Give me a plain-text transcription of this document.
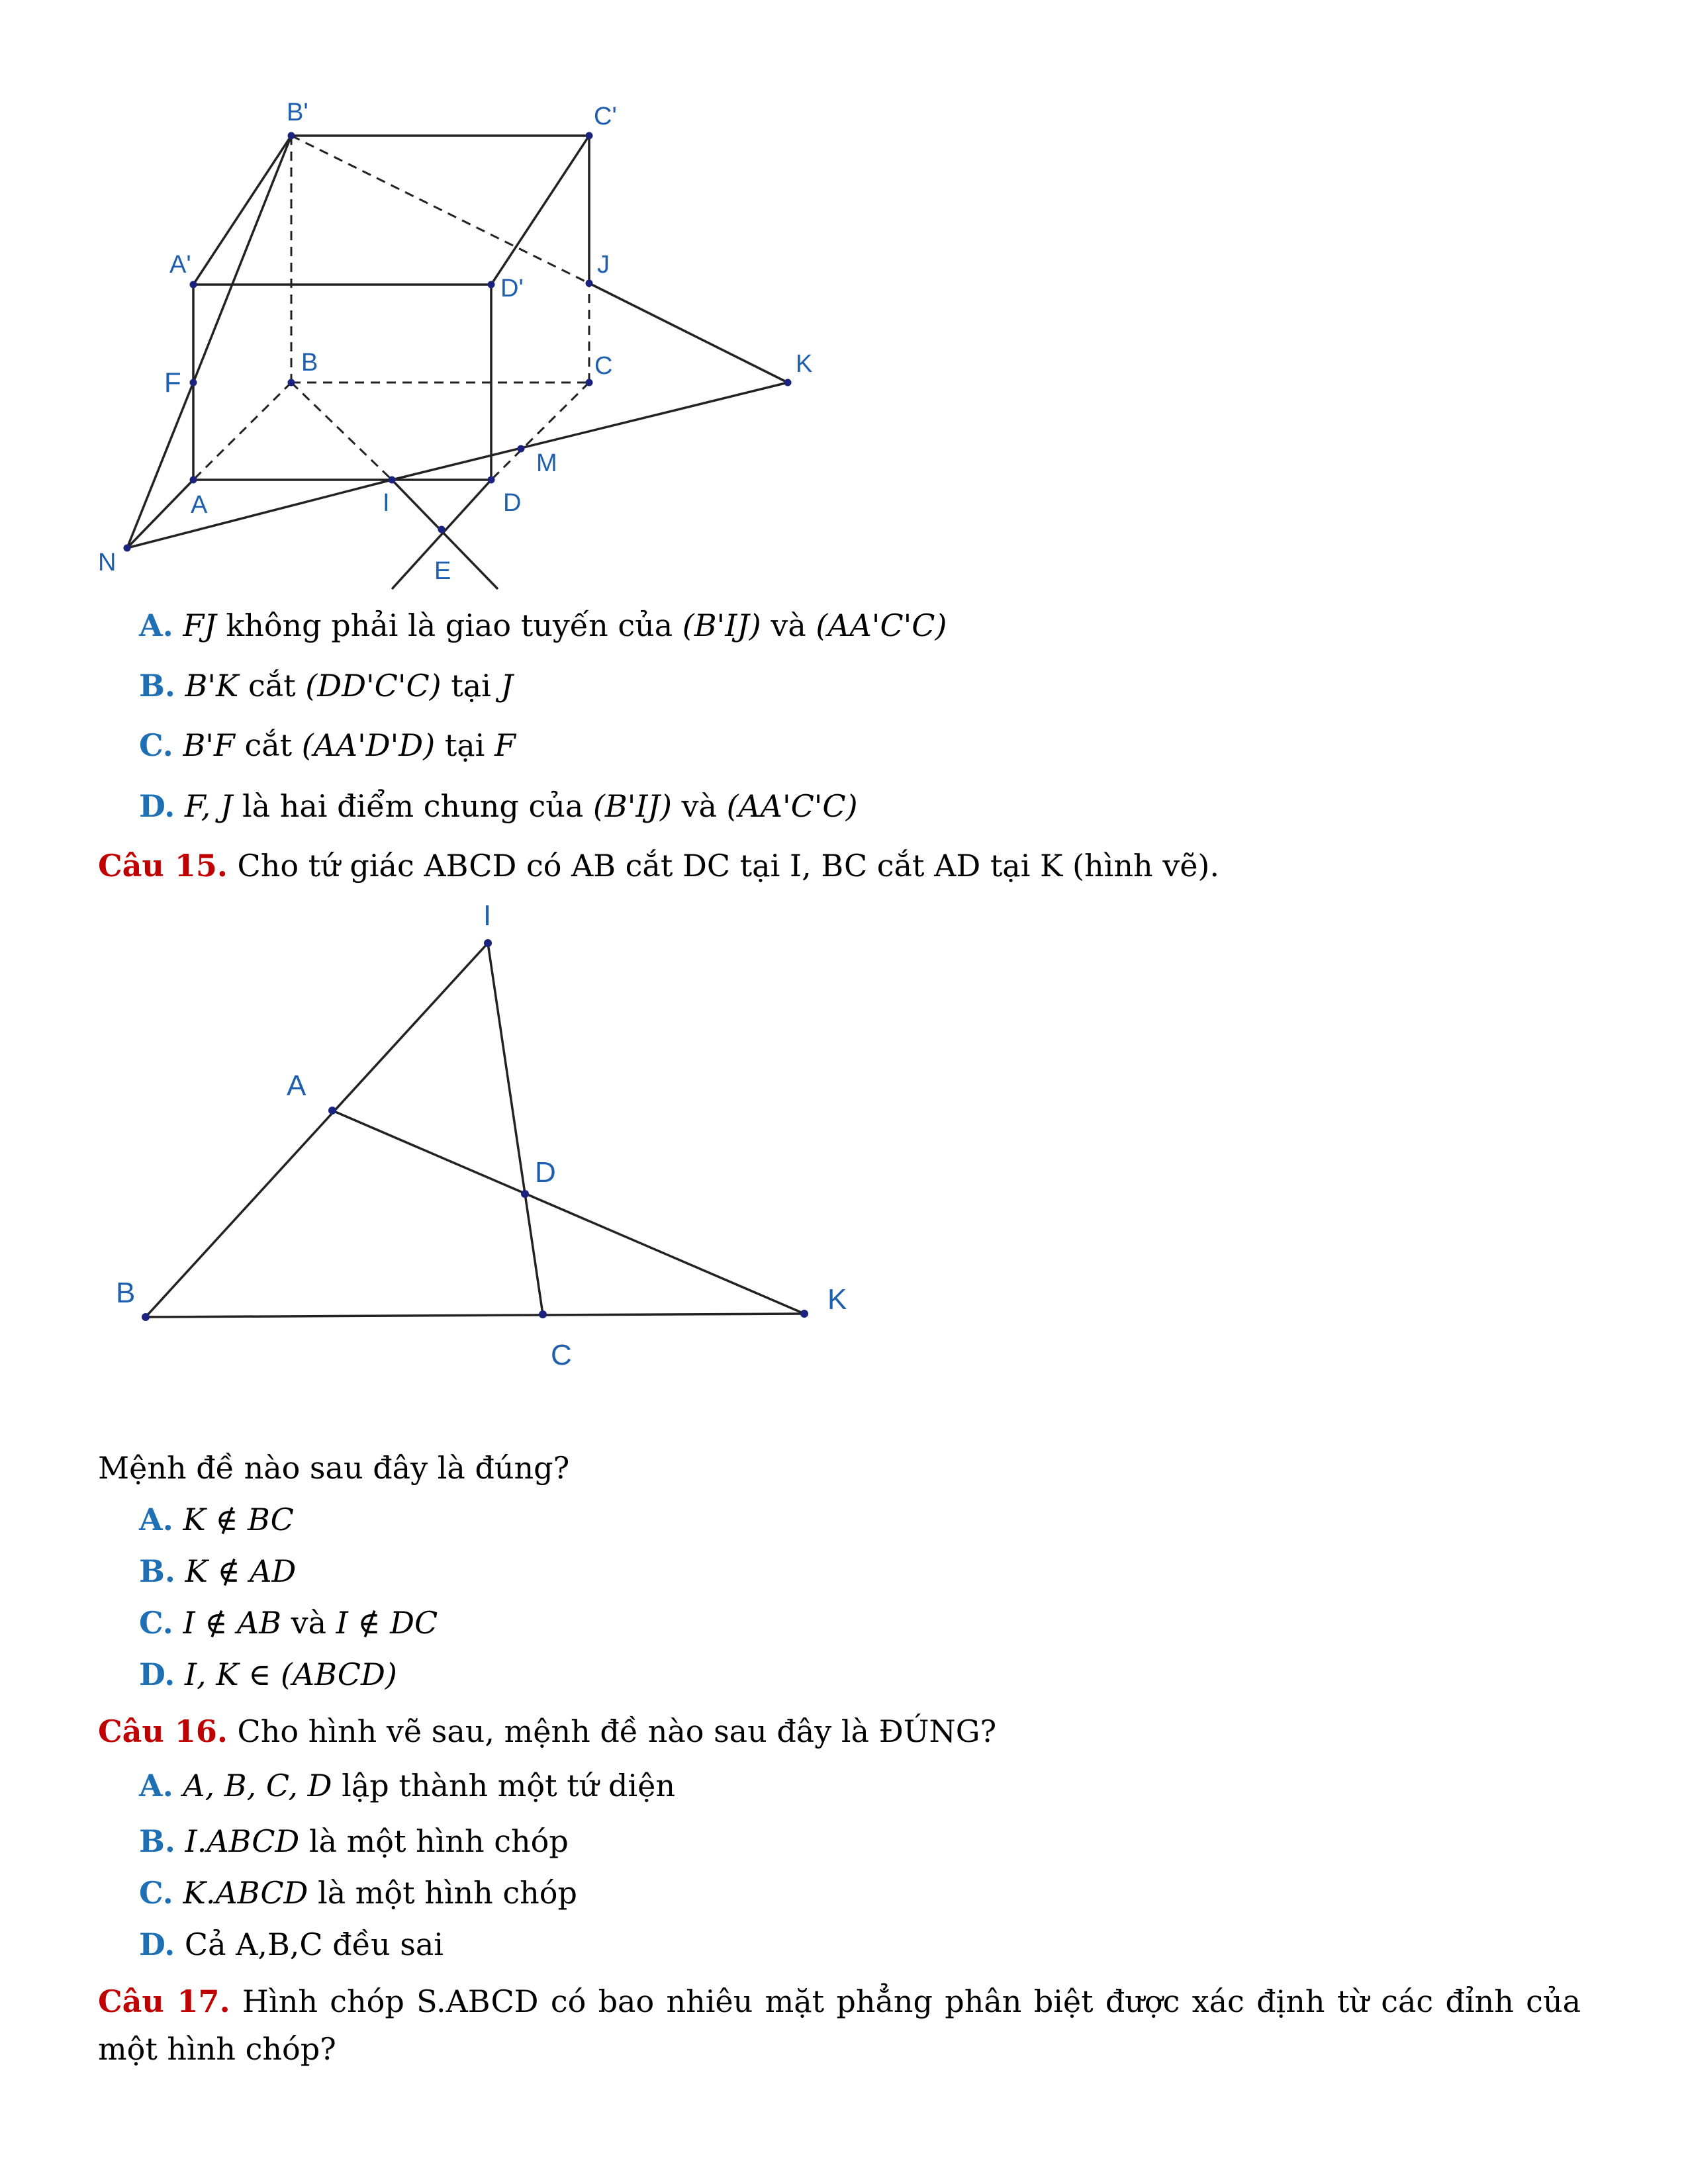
B'	C'
A'
D'
J
F
B	C	K
M
A	I	D
N	E
A. FJ không phải là giao tuyến của (B'IJ) và (AA'C'C)
B. B'K cắt (DD'C'C) tại J
C. B'F cắt (AA'D'D) tại F
D. F, J là hai điểm chung của (B'IJ) và (AA'C'C)
Câu 15. Cho tứ giác ABCD có AB cắt DC tại I, BC cắt AD tại K (hình vẽ).
I
A
D
B	K
C
Mệnh đề nào sau đây là đúng?
A. K ∉ BC
B. K ∉ AD
C. I ∉ AB và I ∉ DC
D. I, K ∈ (ABCD)
Câu 16. Cho hình vẽ sau, mệnh đề nào sau đây là ĐÚNG?
A. A, B, C, D lập thành một tứ diện
B. I.ABCD là một hình chóp
C. K.ABCD là một hình chóp
D. Cả A,B,C đều sai
Câu 17. Hình chóp S.ABCD có bao nhiêu mặt phẳng phân biệt được xác định từ các đỉnh của một hình chóp?
